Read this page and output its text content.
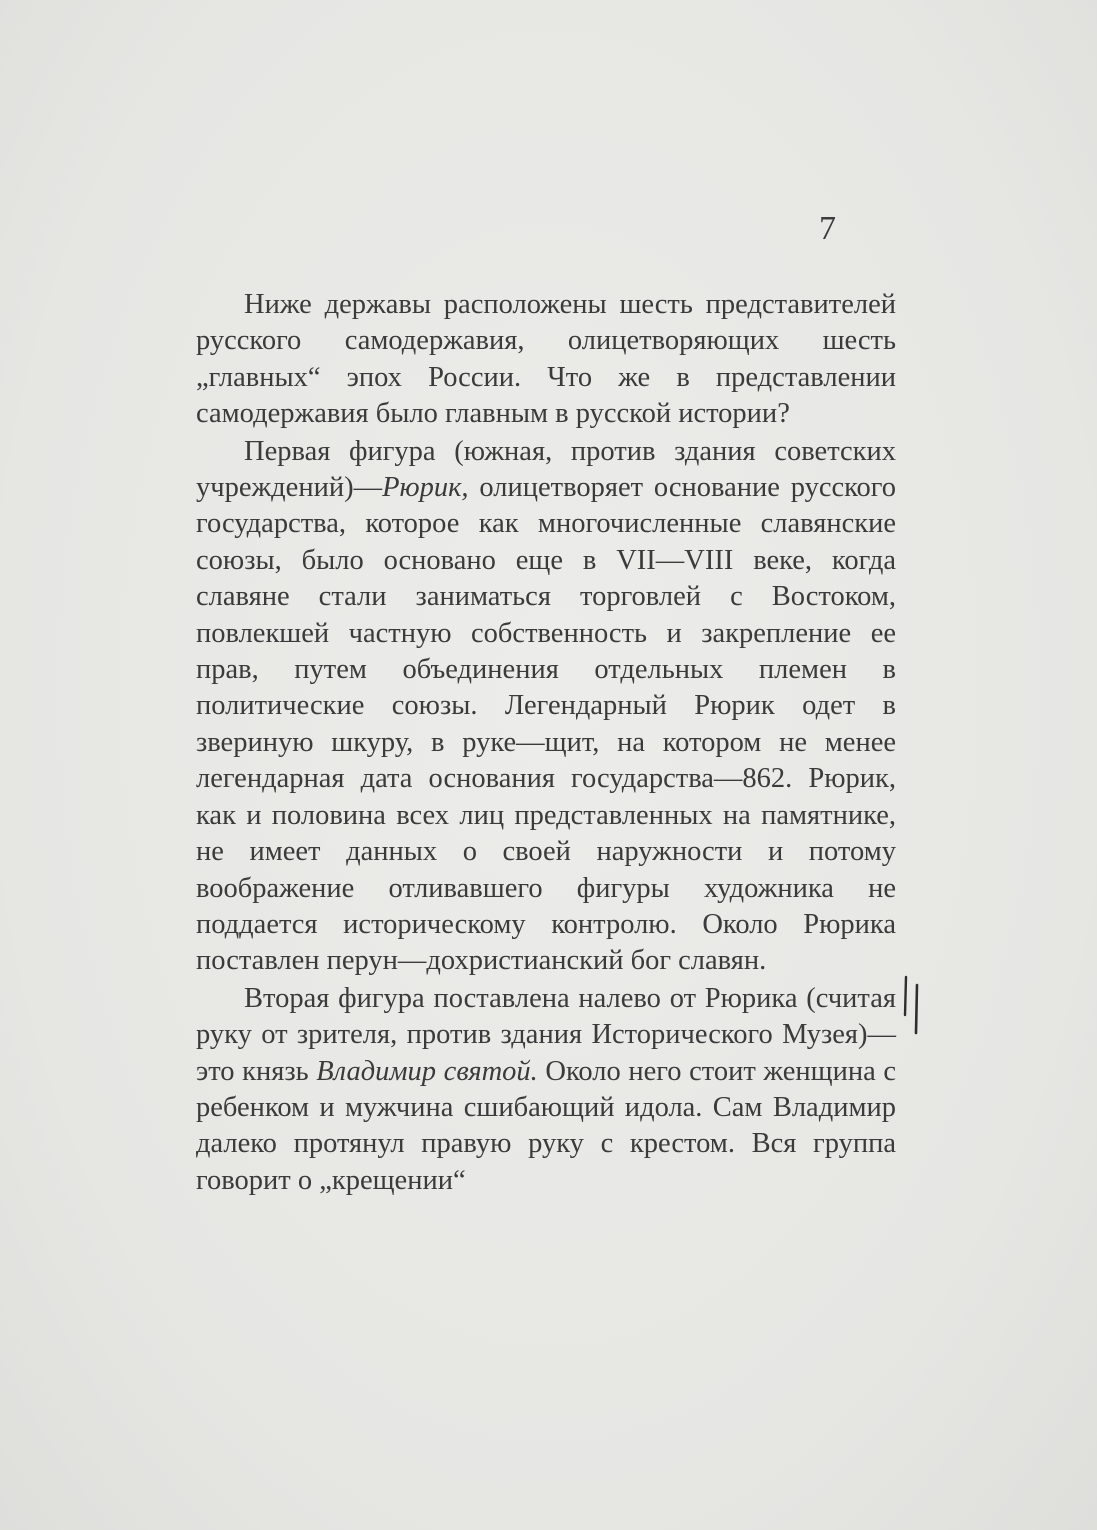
7

Ниже державы расположены шесть представителей русского самодержавия, олицетворяющих шесть „главных“ эпох России. Что же в представлении самодержавия было главным в русской истории?

Первая фигура (южная, против здания советских учреждений)—Рюрик, олицетворяет основание русского государства, которое как многочисленные славянские союзы, было основано еще в VII—VIII веке, когда славяне стали заниматься торговлей с Востоком, повлекшей частную собственность и закрепление ее прав, путем объединения отдельных племен в политические союзы. Легендарный Рюрик одет в звериную шкуру, в руке—щит, на котором не менее легендарная дата основания государства—862. Рюрик, как и половина всех лиц представленных на памятнике, не имеет данных о своей наружности и потому воображение отливавшего фигуры художника не поддается историческому контролю. Около Рюрика поставлен перун—дохристианский бог славян.

Вторая фигура поставлена налево от Рюрика (считая руку от зрителя, против здания Исторического Музея)—это князь Владимир святой. Около него стоит женщина с ребенком и мужчина сшибающий идола. Сам Владимир далеко протянул правую руку с крестом. Вся группа говорит о „крещении“
